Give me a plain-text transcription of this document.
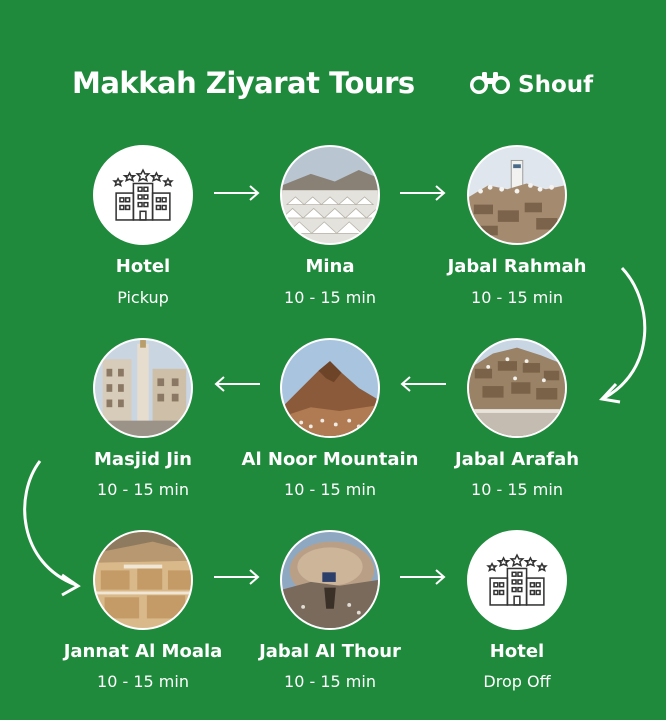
Makkah Ziyarat Tours	Shouf
Hotel
Pickup
Mina
10 - 15 min
Jabal Rahmah
10 - 15 min
Masjid Jin
10 - 15 min
Al Noor Mountain
10 - 15 min
Jabal Arafah
10 - 15 min
Jannat Al Moala
10 - 15 min
Jabal Al Thour
10 - 15 min
Hotel
Drop Off
